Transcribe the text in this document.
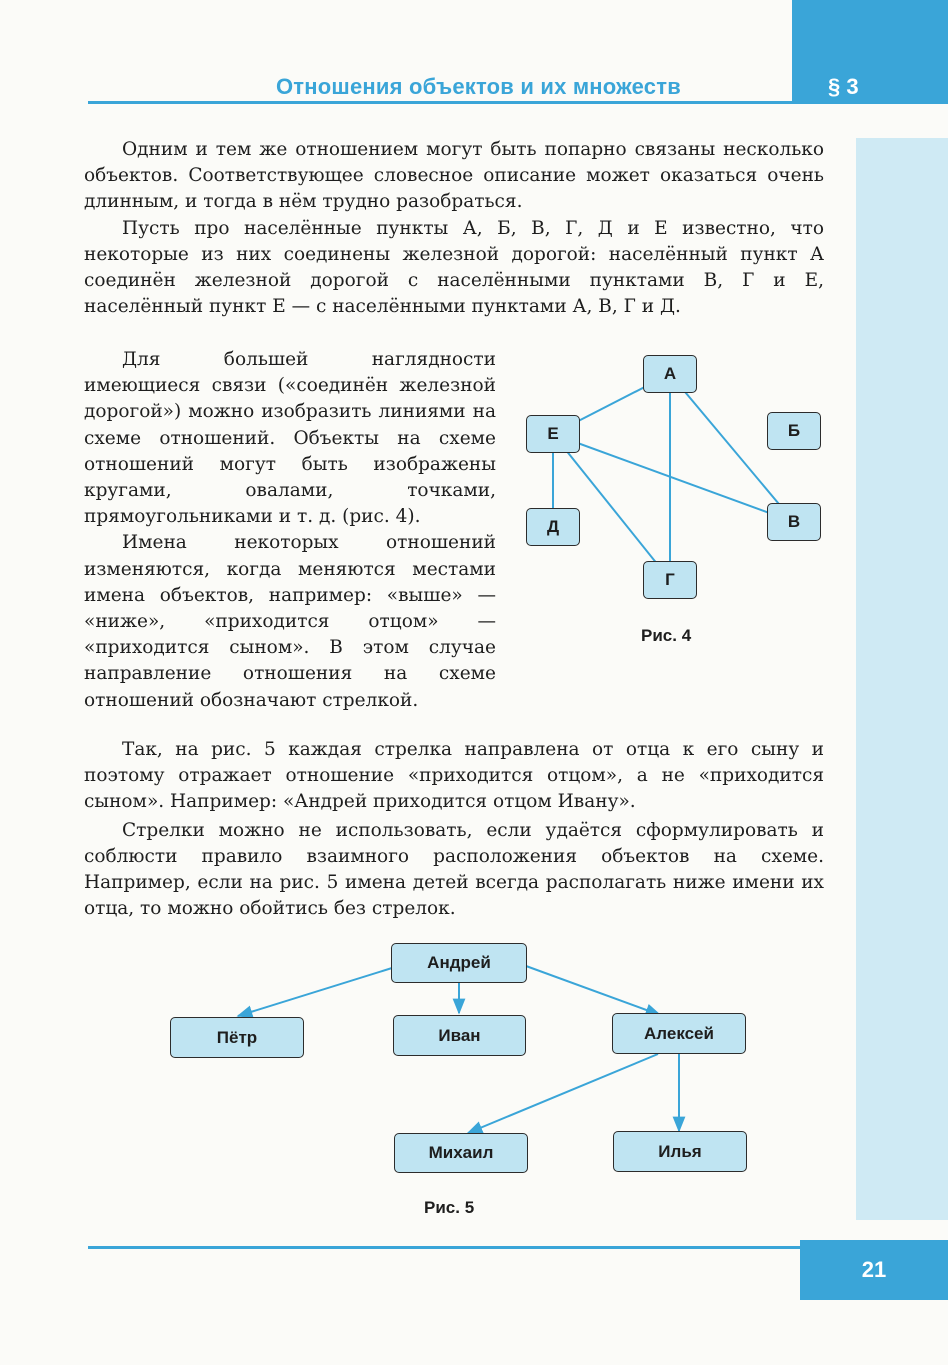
§ 3
Отношения объектов и их множеств

Одним и тем же отношением могут быть попарно связаны несколько объектов. Соответствующее словесное описание может оказаться очень длинным, и тогда в нём трудно разобраться.

Пусть про населённые пункты А, Б, В, Г, Д и Е известно, что некоторые из них соединены железной дорогой: населённый пункт А соединён железной дорогой с населёнными пунктами В, Г и Е, населённый пункт Е — с населёнными пунктами А, В, Г и Д.

Для большей наглядности имеющиеся связи («соединён железной дорогой») можно изобразить линиями на схеме отношений. Объекты на схеме отношений могут быть изображены кругами, овалами, точками, прямоугольниками и т. д. (рис. 4).

Имена некоторых отношений изменяются, когда меняются местами имена объектов, например: «выше» — «ниже», «приходится отцом» — «приходится сыном». В этом случае направление отношения на схеме отношений обозначают стрелкой.

А
Е	Б
Д	В
Г
Рис. 4

Так, на рис. 5 каждая стрелка направлена от отца к его сыну и поэтому отражает отношение «приходится отцом», а не «приходится сыном». Например: «Андрей приходится отцом Ивану».

Стрелки можно не использовать, если удаётся сформулировать и соблюсти правило взаимного расположения объектов на схеме. Например, если на рис. 5 имена детей всегда располагать ниже имени их отца, то можно обойтись без стрелок.

Андрей
Пётр	Иван	Алексей
Михаил	Илья
Рис. 5
21
